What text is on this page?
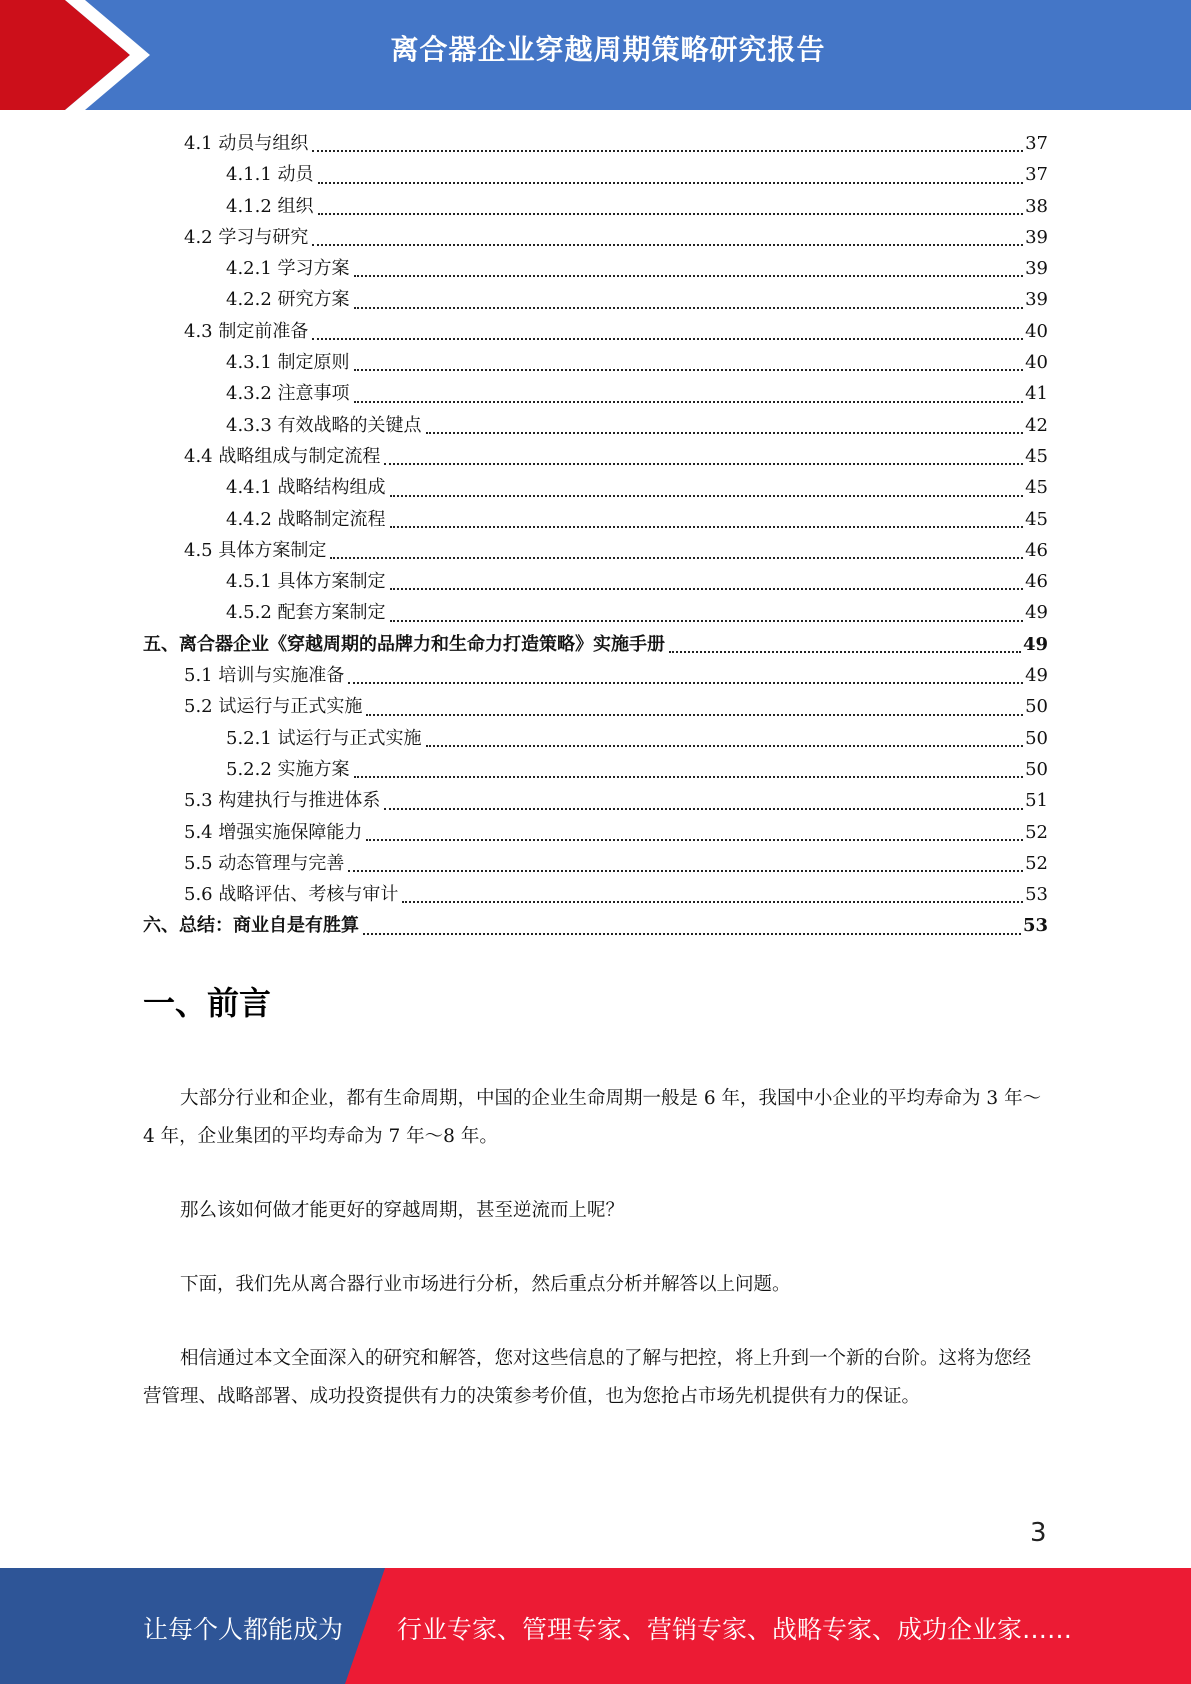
离合器企业穿越周期策略研究报告
4.1 动员与组织	37
4.1.1 动员	37
4.1.2 组织	38
4.2 学习与研究	39
4.2.1 学习方案	39
4.2.2 研究方案	39
4.3 制定前准备	40
4.3.1 制定原则	40
4.3.2 注意事项	41
4.3.3 有效战略的关键点	42
4.4 战略组成与制定流程	45
4.4.1 战略结构组成	45
4.4.2 战略制定流程	45
4.5 具体方案制定	46
4.5.1 具体方案制定	46
4.5.2 配套方案制定	49
五、离合器企业《穿越周期的品牌力和生命力打造策略》实施手册	49
5.1 培训与实施准备	49
5.2 试运行与正式实施	50
5.2.1 试运行与正式实施	50
5.2.2 实施方案	50
5.3 构建执行与推进体系	51
5.4 增强实施保障能力	52
5.5 动态管理与完善	52
5.6 战略评估、考核与审计	53
六、总结：商业自是有胜算	53
一、前言

大部分行业和企业，都有生命周期，中国的企业生命周期一般是 6 年，我国中小企业的平均寿命为 3 年～4 年，企业集团的平均寿命为 7 年～8 年。

那么该如何做才能更好的穿越周期，甚至逆流而上呢？

下面，我们先从离合器行业市场进行分析，然后重点分析并解答以上问题。

相信通过本文全面深入的研究和解答，您对这些信息的了解与把控，将上升到一个新的台阶。这将为您经营管理、战略部署、成功投资提供有力的决策参考价值，也为您抢占市场先机提供有力的保证。

3
让每个人都能成为 行业专家、管理专家、营销专家、战略专家、成功企业家……
